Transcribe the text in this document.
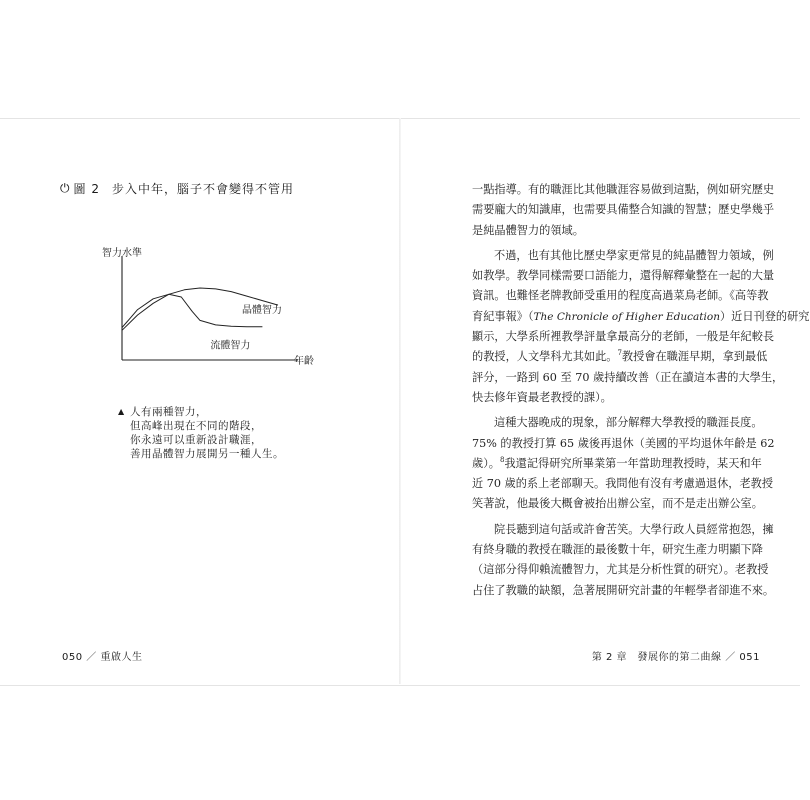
⏻ 圖 2 步入中年，腦子不會變得不管用
智力水準
年齡
晶體智力
流體智力
▲ 人有兩種智力，
但高峰出現在不同的階段，
你永遠可以重新設計職涯，
善用晶體智力展開另一種人生。
050 ／ 重啟人生

一點指導。有的職涯比其他職涯容易做到這點，例如研究歷史
需要龐大的知識庫，也需要具備整合知識的智慧；歷史學幾乎
是純晶體智力的領域。

不過，也有其他比歷史學家更常見的純晶體智力領域，例
如教學。教學同樣需要口語能力，還得解釋彙整在一起的大量
資訊。也難怪老牌教師受重用的程度高過菜鳥老師。《高等教
育紀事報》（The Chronicle of Higher Education）近日刊登的研究
顯示，大學系所裡教學評量拿最高分的老師，一般是年紀較長
的教授，人文學科尤其如此。$^7$教授會在職涯早期，拿到最低
評分，一路到 60 至 70 歲持續改善（正在讀這本書的大學生，
快去修年資最老教授的課）。

這種大器晚成的現象，部分解釋大學教授的職涯長度。
75% 的教授打算 65 歲後再退休（美國的平均退休年齡是 62
歲）。$^8$我還記得研究所畢業第一年當助理教授時，某天和年
近 70 歲的系上老部聊天。我問他有沒有考慮過退休，老教授
笑著說，他最後大概會被抬出辦公室，而不是走出辦公室。

院長聽到這句話或許會苦笑。大學行政人員經常抱怨，擁
有終身職的教授在職涯的最後數十年，研究生產力明顯下降
（這部分得仰賴流體智力，尤其是分析性質的研究）。老教授
占住了教職的缺額，急著展開研究計畫的年輕學者卻進不來。

第 2 章　發展你的第二曲線 ／ 051
